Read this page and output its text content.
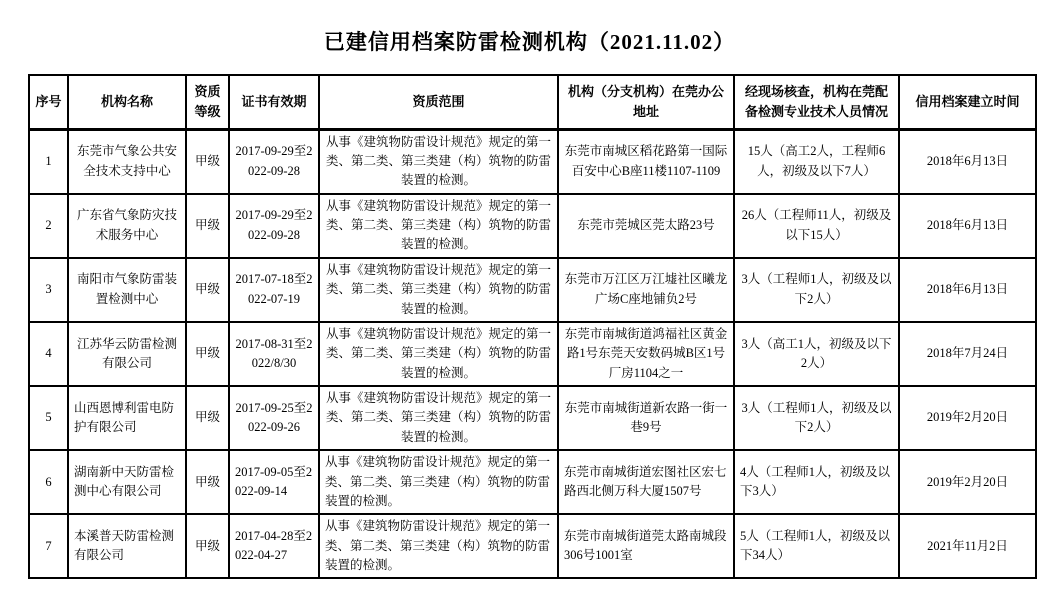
已建信用档案防雷检测机构（2021.11.02）
序号	机构名称	资质等级	证书有效期	资质范围	机构（分支机构）在莞办公地址	经现场核查，机构在莞配备检测专业技术人员情况	信用档案建立时间
1	东莞市气象公共安全技术支持中心	甲级	2017-09-29至2022-09-28	从事《建筑物防雷设计规范》规定的第一类、第二类、第三类建（构）筑物的防雷装置的检测。	东莞市南城区稻花路第一国际百安中心B座11楼1107-1109	15人（高工2人，工程师6人，初级及以下7人）	2018年6月13日
2	广东省气象防灾技术服务中心	甲级	2017-09-29至2022-09-28	从事《建筑物防雷设计规范》规定的第一类、第二类、第三类建（构）筑物的防雷装置的检测。	东莞市莞城区莞太路23号	26人（工程师11人，初级及以下15人）	2018年6月13日
3	南阳市气象防雷装置检测中心	甲级	2017-07-18至2022-07-19	从事《建筑物防雷设计规范》规定的第一类、第二类、第三类建（构）筑物的防雷装置的检测。	东莞市万江区万江墟社区曦龙广场C座地铺负2号	3人（工程师1人，初级及以下2人）	2018年6月13日
4	江苏华云防雷检测有限公司	甲级	2017-08-31至2022/8/30	从事《建筑物防雷设计规范》规定的第一类、第二类、第三类建（构）筑物的防雷装置的检测。	东莞市南城街道鸿福社区黄金路1号东莞天安数码城B区1号厂房1104之一	3人（高工1人，初级及以下2人）	2018年7月24日
5	山西恩博利雷电防护有限公司	甲级	2017-09-25至2022-09-26	从事《建筑物防雷设计规范》规定的第一类、第二类、第三类建（构）筑物的防雷装置的检测。	东莞市南城街道新农路一街一巷9号	3人（工程师1人，初级及以下2人）	2019年2月20日
6	湖南新中天防雷检测中心有限公司	甲级	2017-09-05至2022-09-14	从事《建筑物防雷设计规范》规定的第一类、第二类、第三类建（构）筑物的防雷装置的检测。	东莞市南城街道宏图社区宏七路西北侧万科大厦1507号	4人（工程师1人，初级及以下3人）	2019年2月20日
7	本溪普天防雷检测有限公司	甲级	2017-04-28至2022-04-27	从事《建筑物防雷设计规范》规定的第一类、第二类、第三类建（构）筑物的防雷装置的检测。	东莞市南城街道莞太路南城段306号1001室	5人（工程师1人，初级及以下34人）	2021年11月2日
